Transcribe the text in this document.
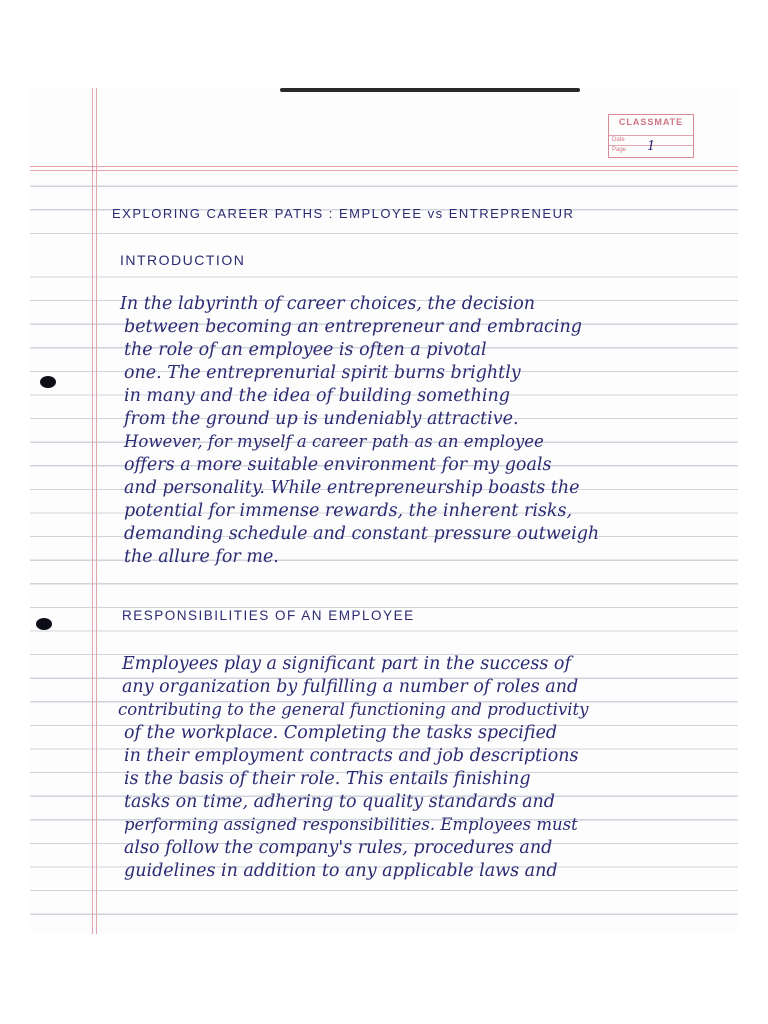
CLASSMATE
Date
Page 1
EXPLORING CAREER PATHS : EMPLOYEE vs ENTREPRENEUR
INTRODUCTION
In the labyrinth of career choices, the decision
between becoming an entrepreneur and embracing
the role of an employee is often a pivotal
one. The entreprenurial spirit burns brightly
in many and the idea of building something
from the ground up is undeniably attractive.
However, for myself a career path as an employee
offers a more suitable environment for my goals
and personality. While entrepreneurship boasts the
potential for immense rewards, the inherent risks,
demanding schedule and constant pressure outweigh
the allure for me.
RESPONSIBILITIES OF AN EMPLOYEE
Employees play a significant part in the success of
any organization by fulfilling a number of roles and
contributing to the general functioning and productivity
of the workplace. Completing the tasks specified
in their employment contracts and job descriptions
is the basis of their role. This entails finishing
tasks on time, adhering to quality standards and
performing assigned responsibilities. Employees must
also follow the company's rules, procedures and
guidelines in addition to any applicable laws and
